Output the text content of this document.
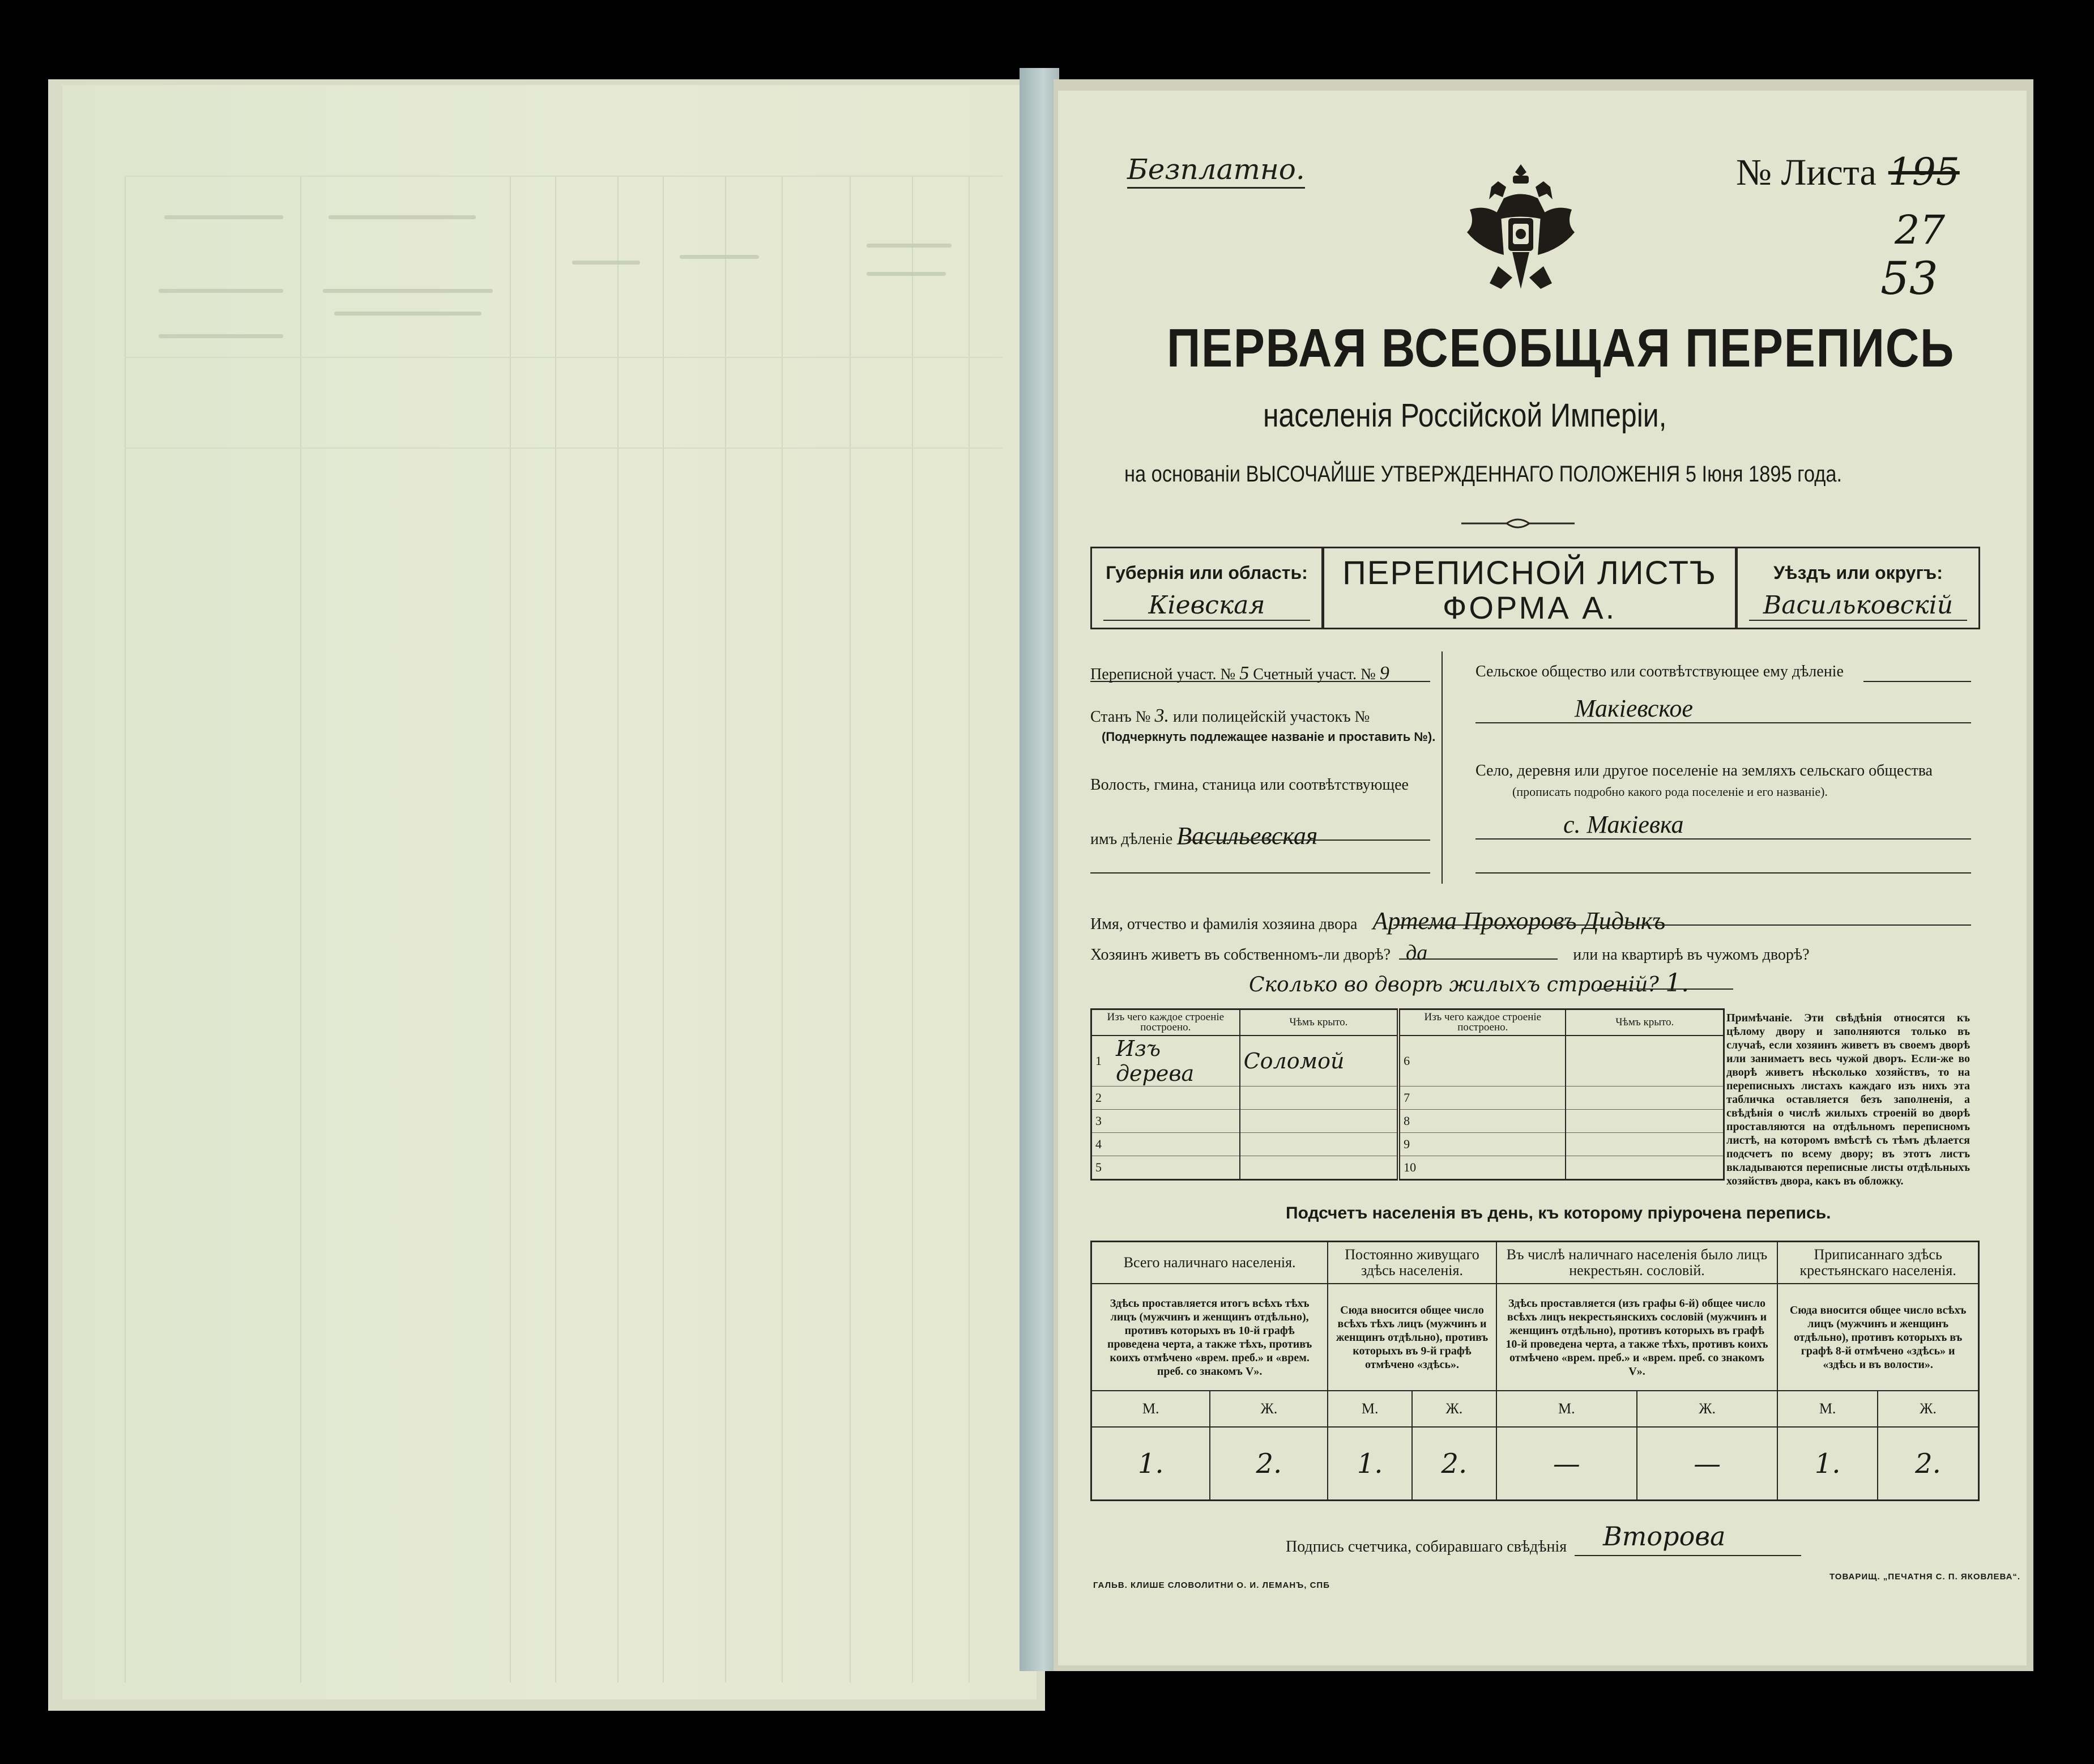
Безплатно.	№ Листа 195
27
53
ПЕРВАЯ ВСЕОБЩАЯ ПЕРЕПИСЬ
населенія Россійской Имперіи,
на основаніи ВЫСОЧАЙШЕ УТВЕРЖДЕННАГО ПОЛОЖЕНІЯ 5 Іюня 1895 года.
Губернія или область:
Кіевская
ПЕРЕПИСНОЙ ЛИСТЪ
ФОРМА А.
Уѣздъ или округъ:
Васильковскій
Переписной участ. № 5 Счетный участ. № 9
Станъ № 3. или полицейскій участокъ №
(Подчеркнуть подлежащее названіе и проставить №).
Волость, гмина, станица или соотвѣтствующее
имъ дѣленіе Васильевская
Сельское общество или соотвѣтствующее ему дѣленіе
Макіевское
Село, деревня или другое поселеніе на земляхъ сельскаго общества
(прописать подробно какого рода поселеніе и его названіе).
с. Макіевка
Имя, отчество и фамилія хозяина двора Артема Прохоровъ Дидыкъ
Хозяинъ живетъ въ собственномъ-ли дворѣ? да	или на квартирѣ въ чужомъ дворѣ?
Сколько во дворѣ жилыхъ строеній? 1.
Изъ чего каждое строеніе построено.		Чѣмъ крыто.	Изъ чего каждое строеніе построено.		Чѣмъ крыто.
1	Изъ дерева	Соломой	6		
2			7		
3			8		
4			9		
5			10		
Примѣчаніе. Эти свѣдѣнія относятся къ цѣлому двору и заполняются только въ случаѣ, если хозяинъ живетъ въ своемъ дворѣ или занимаетъ весь чужой дворъ. Если-же во дворѣ живетъ нѣсколько хозяйствъ, то на переписныхъ листахъ каждаго изъ нихъ эта табличка оставляется безъ заполненія, а свѣдѣнія о числѣ жилыхъ строеній во дворѣ проставляются на отдѣльномъ переписномъ листѣ, на которомъ вмѣстѣ съ тѣмъ дѣлается подсчетъ по всему двору; въ этотъ листъ вкладываются переписные листы отдѣльныхъ хозяйствъ двора, какъ въ обложку.
Подсчетъ населенія въ день, къ которому пріурочена перепись.
Всего наличнаго населенія.		Постоянно живущаго здѣсь населенія.		Въ числѣ наличнаго населенія было лицъ некрестьян. сословій.		Приписаннаго здѣсь крестьянскаго населенія.	
Здѣсь проставляется итогъ всѣхъ тѣхъ лицъ (мужчинъ и женщинъ отдѣльно), противъ которыхъ въ 10-й графѣ проведена черта, а также тѣхъ, противъ коихъ отмѣчено «врем. преб.» и «врем. преб. со знакомъ V».		Сюда вносится общее число всѣхъ тѣхъ лицъ (мужчинъ и женщинъ отдѣльно), противъ которыхъ въ 9-й графѣ отмѣчено «здѣсь».		Здѣсь проставляется (изъ графы 6-й) общее число всѣхъ лицъ некрестьянскихъ сословій (мужчинъ и женщинъ отдѣльно), противъ которыхъ въ графѣ 10-й проведена черта, а также тѣхъ, противъ коихъ отмѣчено «врем. преб.» и «врем. преб. со знакомъ V».		Сюда вносится общее число всѣхъ лицъ (мужчинъ и женщинъ отдѣльно), противъ которыхъ въ графѣ 8-й отмѣчено «здѣсь» и «здѣсь и въ волости».	
М.	Ж.	М.	Ж.	М.	Ж.	М.	Ж.
1.	2.	1.	2.	—	—	1.	2.
Подпись счетчика, собиравшаго свѣдѣнія Второва
ГАЛЬВ. КЛИШЕ СЛОВОЛИТНИ О. И. ЛЕМАНЪ, СПБ
ТОВАРИЩ. „ПЕЧАТНЯ С. П. ЯКОВЛЕВА“.
